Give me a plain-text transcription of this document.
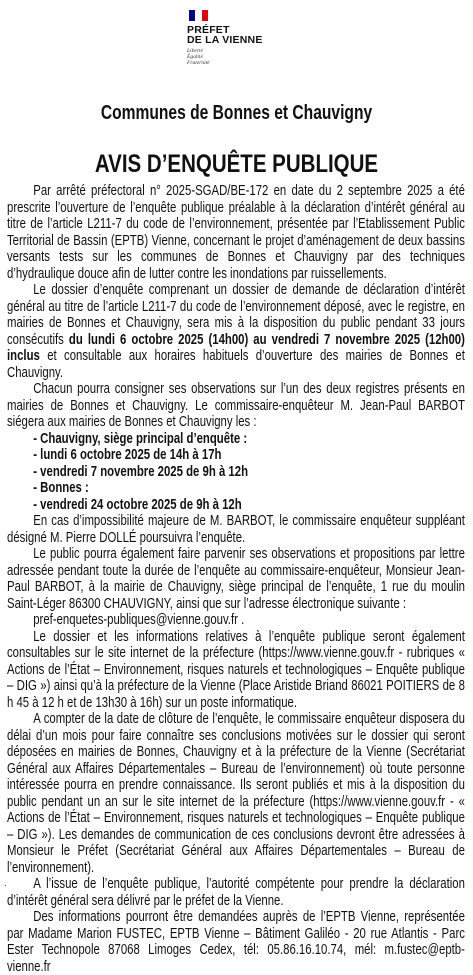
PRÉFET
DE LA VIENNE
Liberté
Égalité
Fraternité
Communes de Bonnes et Chauvigny
AVIS D’ENQUÊTE PUBLIQUE

Par arrêté préfectoral n° 2025-SGAD/BE-172 en date du 2 septembre 2025 a été prescrite l’ouverture de l’enquête publique préalable à la déclaration d’intérêt général au titre de l’article L211-7 du code de l’environnement, présentée par l’Etablissement Public Territorial de Bassin (EPTB) Vienne, concernant le projet d’aménagement de deux bassins versants tests sur les communes de Bonnes et Chauvigny par des techniques d’hydraulique douce afin de lutter contre les inondations par ruissellements.

Le dossier d’enquête comprenant un dossier de demande de déclaration d’intérêt général au titre de l’article L211-7 du code de l’environnement déposé, avec le registre, en mairies de Bonnes et Chauvigny, sera mis à la disposition du public pendant 33 jours consécutifs du lundi 6 octobre 2025 (14h00) au vendredi 7 novembre 2025 (12h00) inclus et consultable aux horaires habituels d’ouverture des mairies de Bonnes et Chauvigny.

Chacun pourra consigner ses observations sur l’un des deux registres présents en mairies de Bonnes et Chauvigny. Le commissaire-enquêteur M. Jean-Paul BARBOT siégera aux mairies de Bonnes et Chauvigny les :

- Chauvigny, siège principal d’enquête :

- lundi 6 octobre 2025 de 14h à 17h

- vendredi 7 novembre 2025 de 9h à 12h

- Bonnes :

- vendredi 24 octobre 2025 de 9h à 12h

En cas d’impossibilité majeure de M. BARBOT, le commissaire enquêteur suppléant désigné M. Pierre DOLLÉ poursuivra l’enquête.

Le public pourra également faire parvenir ses observations et propositions par lettre adressée pendant toute la durée de l’enquête au commissaire-enquêteur, Monsieur Jean-Paul BARBOT, à la mairie de Chauvigny, siège principal de l’enquête, 1 rue du moulin Saint-Léger 86300 CHAUVIGNY, ainsi que sur l’adresse électronique suivante :

pref-enquetes-publiques@vienne.gouv.fr .

Le dossier et les informations relatives à l’enquête publique seront également consultables sur le site internet de la préfecture (https://www.vienne.gouv.fr - rubriques « Actions de l’État – Environnement, risques naturels et technologiques – Enquête publique – DIG ») ainsi qu’à la préfecture de la Vienne (Place Aristide Briand 86021 POITIERS de 8 h 45 à 12 h et de 13h30 à 16h) sur un poste informatique.

A compter de la date de clôture de l’enquête, le commissaire enquêteur disposera du délai d’un mois pour faire connaître ses conclusions motivées sur le dossier qui seront déposées en mairies de Bonnes, Chauvigny et à la préfecture de la Vienne (Secrétariat Général aux Affaires Départementales – Bureau de l’environnement) où toute personne intéressée pourra en prendre connaissance. Ils seront publiés et mis à la disposition du public pendant un an sur le site internet de la préfecture (https://www.vienne.gouv.fr - « Actions de l’État – Environnement, risques naturels et technologiques – Enquête publique – DIG »). Les demandes de communication de ces conclusions devront être adressées à Monsieur le Préfet (Secrétariat Général aux Affaires Départementales – Bureau de l’environnement).

A l’issue de l’enquête publique, l’autorité compétente pour prendre la déclaration d’intérêt général sera délivré par le préfet de la Vienne.

Des informations pourront être demandées auprès de l’EPTB Vienne, représentée par Madame Marion FUSTEC, EPTB Vienne – Bâtiment Galiléo - 20 rue Atlantis - Parc Ester Technopole 87068 Limoges Cedex, tél: 05.86.16.10.74, mél: m.fustec@eptb-vienne.fr

.
